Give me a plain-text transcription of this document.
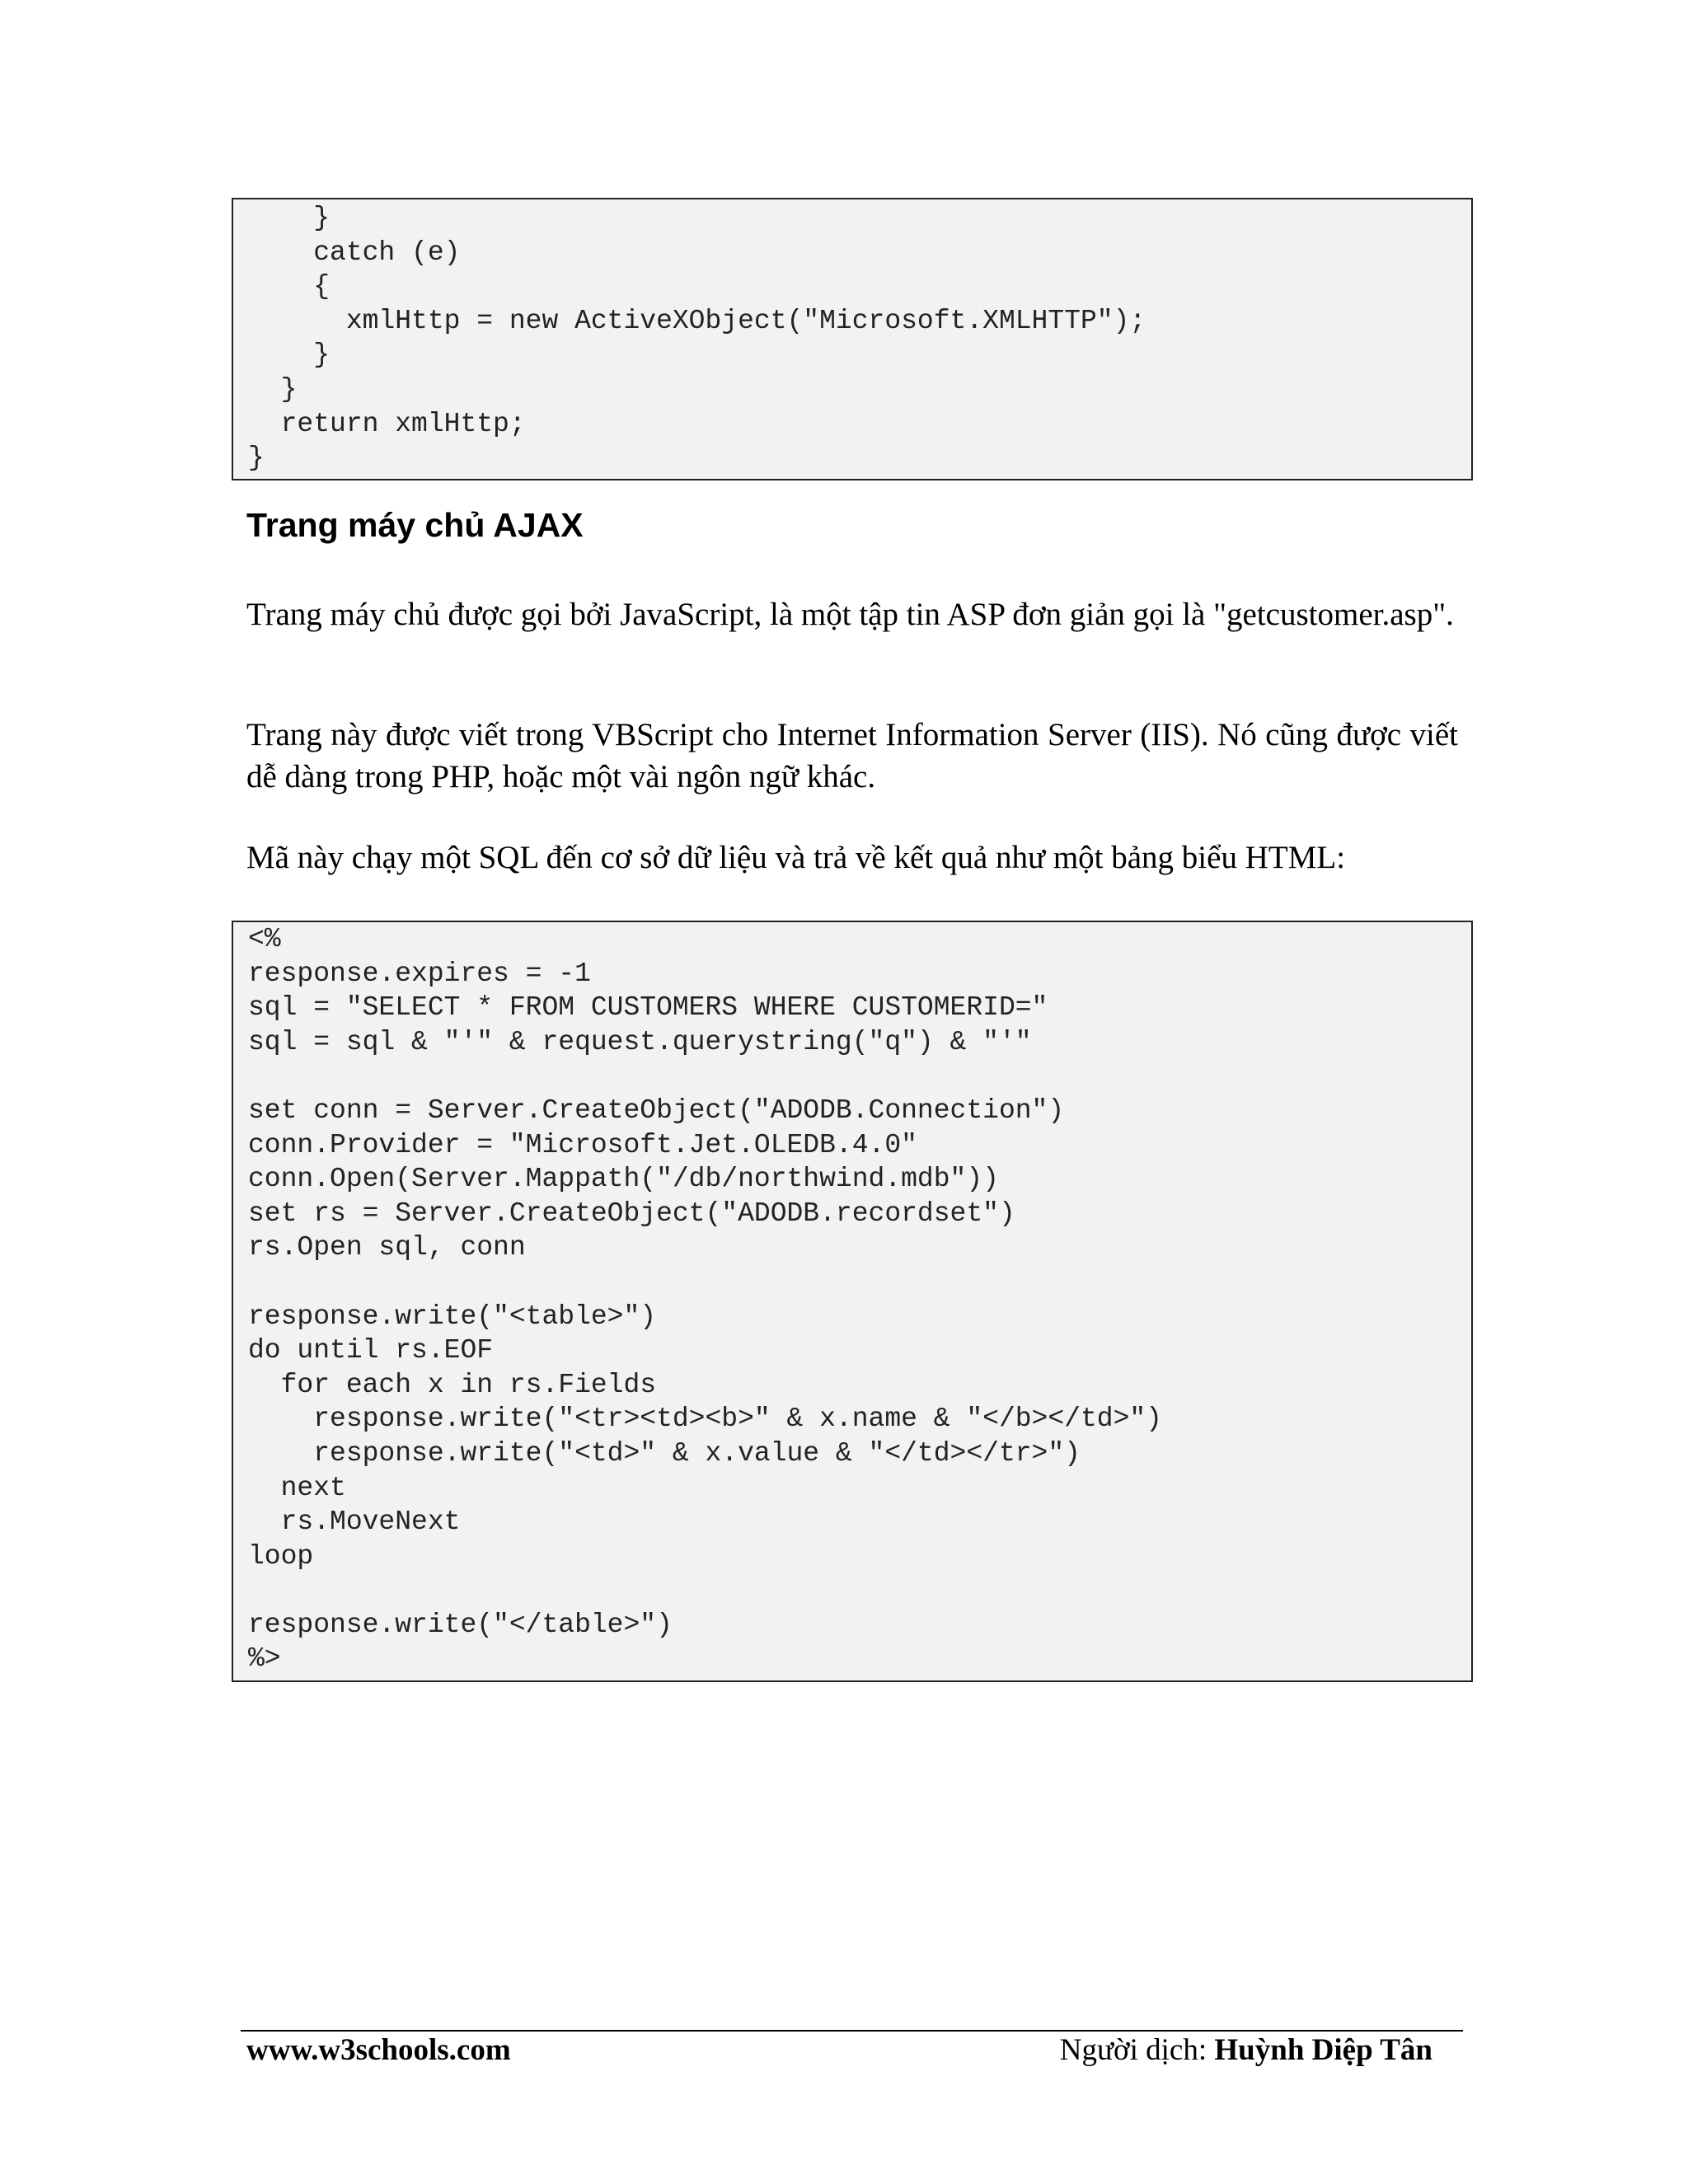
}
catch (e)
{
xmlHttp = new ActiveXObject("Microsoft.XMLHTTP");
}
}
return xmlHttp;
}
Trang máy chủ AJAX

Trang máy chủ được gọi bởi JavaScript, là một tập tin ASP đơn giản gọi là "getcustomer.asp".

Trang này được viết trong VBScript cho Internet Information Server (IIS). Nó cũng được viết dễ dàng trong PHP, hoặc một vài ngôn ngữ khác.

Mã này chạy một SQL đến cơ sở dữ liệu và trả về kết quả như một bảng biểu HTML:

<%
response.expires = -1
sql = "SELECT * FROM CUSTOMERS WHERE CUSTOMERID="
sql = sql & "'" & request.querystring("q") & "'"
set conn = Server.CreateObject("ADODB.Connection")
conn.Provider = "Microsoft.Jet.OLEDB.4.0"
conn.Open(Server.Mappath("/db/northwind.mdb"))
set rs = Server.CreateObject("ADODB.recordset")
rs.Open sql, conn
response.write("<table>")
do until rs.EOF
for each x in rs.Fields
response.write("<tr><td><b>" & x.name & "</b></td>")
response.write("<td>" & x.value & "</td></tr>")
next
rs.MoveNext
loop
response.write("</table>")
%>
www.w3schools.com	Người dịch: Huỳnh Diệp Tân
